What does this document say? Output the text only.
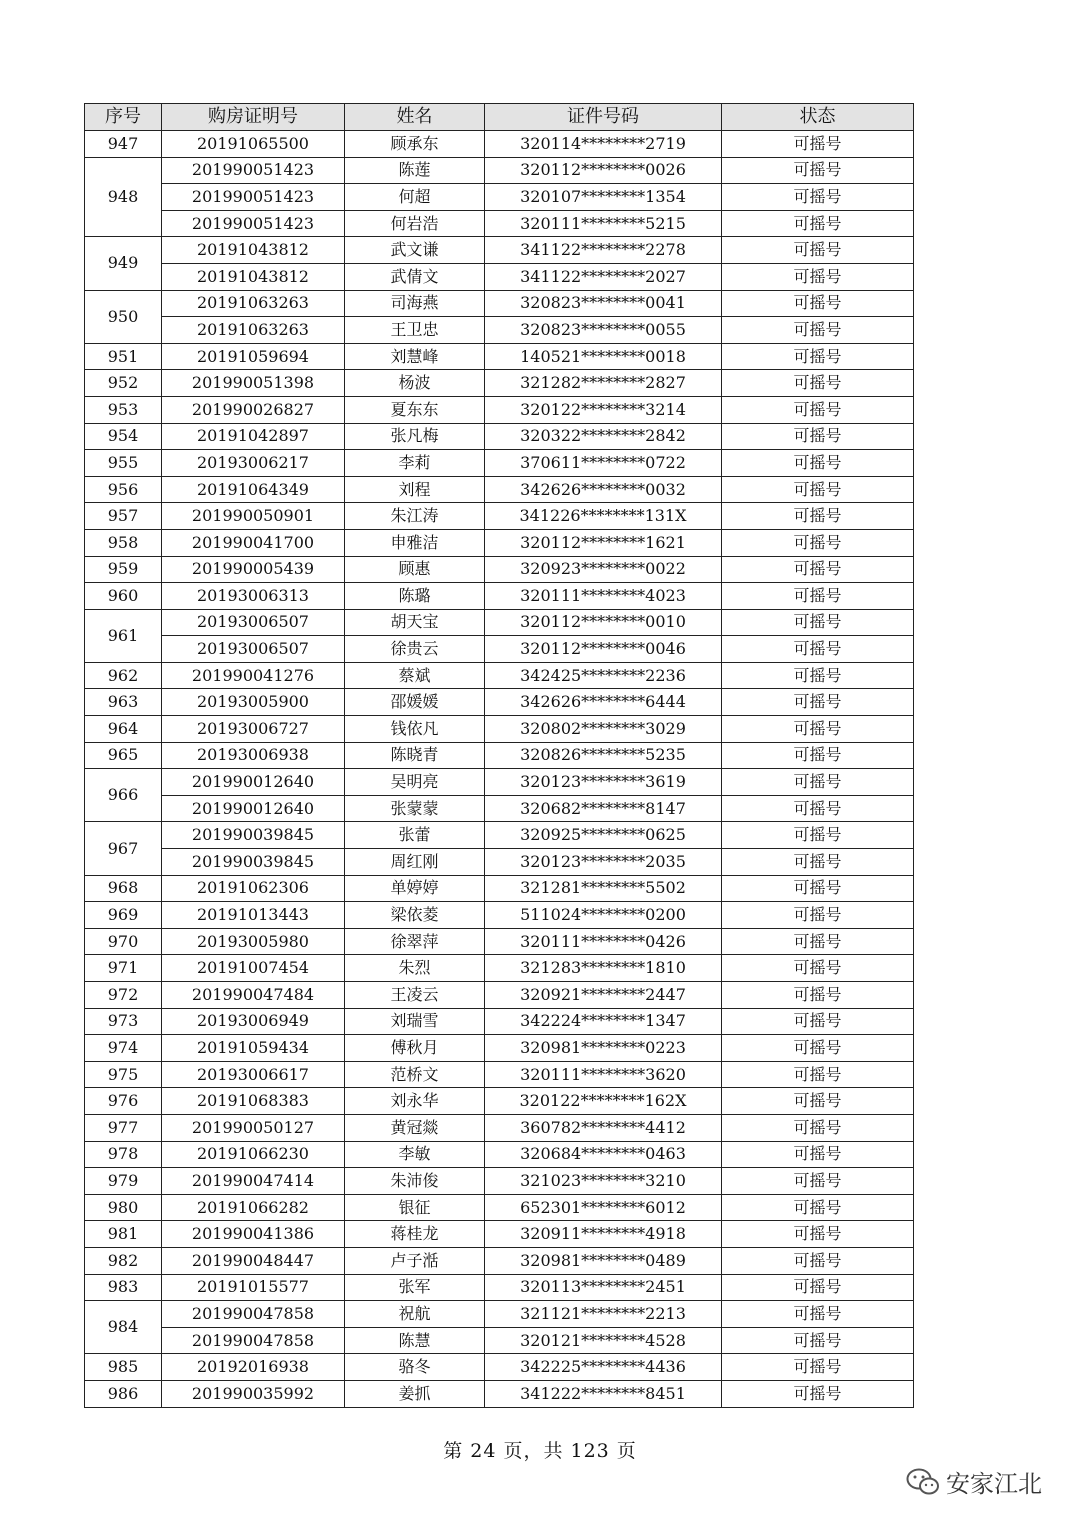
序号	购房证明号	姓名	证件号码	状态
947	20191065500	顾承东	320114********2719	可摇号
948	201990051423	陈莲	320112********0026	可摇号
	201990051423	何超	320107********1354	可摇号
	201990051423	何岩浩	320111********5215	可摇号
949	20191043812	武文谦	341122********2278	可摇号
	20191043812	武倩文	341122********2027	可摇号
950	20191063263	司海燕	320823********0041	可摇号
	20191063263	王卫忠	320823********0055	可摇号
951	20191059694	刘慧峰	140521********0018	可摇号
952	201990051398	杨波	321282********2827	可摇号
953	201990026827	夏东东	320122********3214	可摇号
954	20191042897	张凡梅	320322********2842	可摇号
955	20193006217	李莉	370611********0722	可摇号
956	20191064349	刘程	342626********0032	可摇号
957	201990050901	朱江涛	341226********131X	可摇号
958	201990041700	申雅洁	320112********1621	可摇号
959	201990005439	顾惠	320923********0022	可摇号
960	20193006313	陈璐	320111********4023	可摇号
961	20193006507	胡天宝	320112********0010	可摇号
	20193006507	徐贵云	320112********0046	可摇号
962	201990041276	蔡斌	342425********2236	可摇号
963	20193005900	邵媛媛	342626********6444	可摇号
964	20193006727	钱依凡	320802********3029	可摇号
965	20193006938	陈晓青	320826********5235	可摇号
966	201990012640	吴明亮	320123********3619	可摇号
	201990012640	张蒙蒙	320682********8147	可摇号
967	201990039845	张蕾	320925********0625	可摇号
	201990039845	周红刚	320123********2035	可摇号
968	20191062306	单婷婷	321281********5502	可摇号
969	20191013443	梁依菱	511024********0200	可摇号
970	20193005980	徐翠萍	320111********0426	可摇号
971	20191007454	朱烈	321283********1810	可摇号
972	201990047484	王凌云	320921********2447	可摇号
973	20193006949	刘瑞雪	342224********1347	可摇号
974	20191059434	傅秋月	320981********0223	可摇号
975	20193006617	范桥文	320111********3620	可摇号
976	20191068383	刘永华	320122********162X	可摇号
977	201990050127	黄冠燚	360782********4412	可摇号
978	20191066230	李敏	320684********0463	可摇号
979	201990047414	朱沛俊	321023********3210	可摇号
980	20191066282	银征	652301********6012	可摇号
981	201990041386	蒋桂龙	320911********4918	可摇号
982	201990048447	卢子湉	320981********0489	可摇号
983	20191015577	张军	320113********2451	可摇号
984	201990047858	祝航	321121********2213	可摇号
	201990047858	陈慧	320121********4528	可摇号
985	20192016938	骆冬	342225********4436	可摇号
986	201990035992	姜抓	341222********8451	可摇号
第 24 页，共 123 页
安家江北
